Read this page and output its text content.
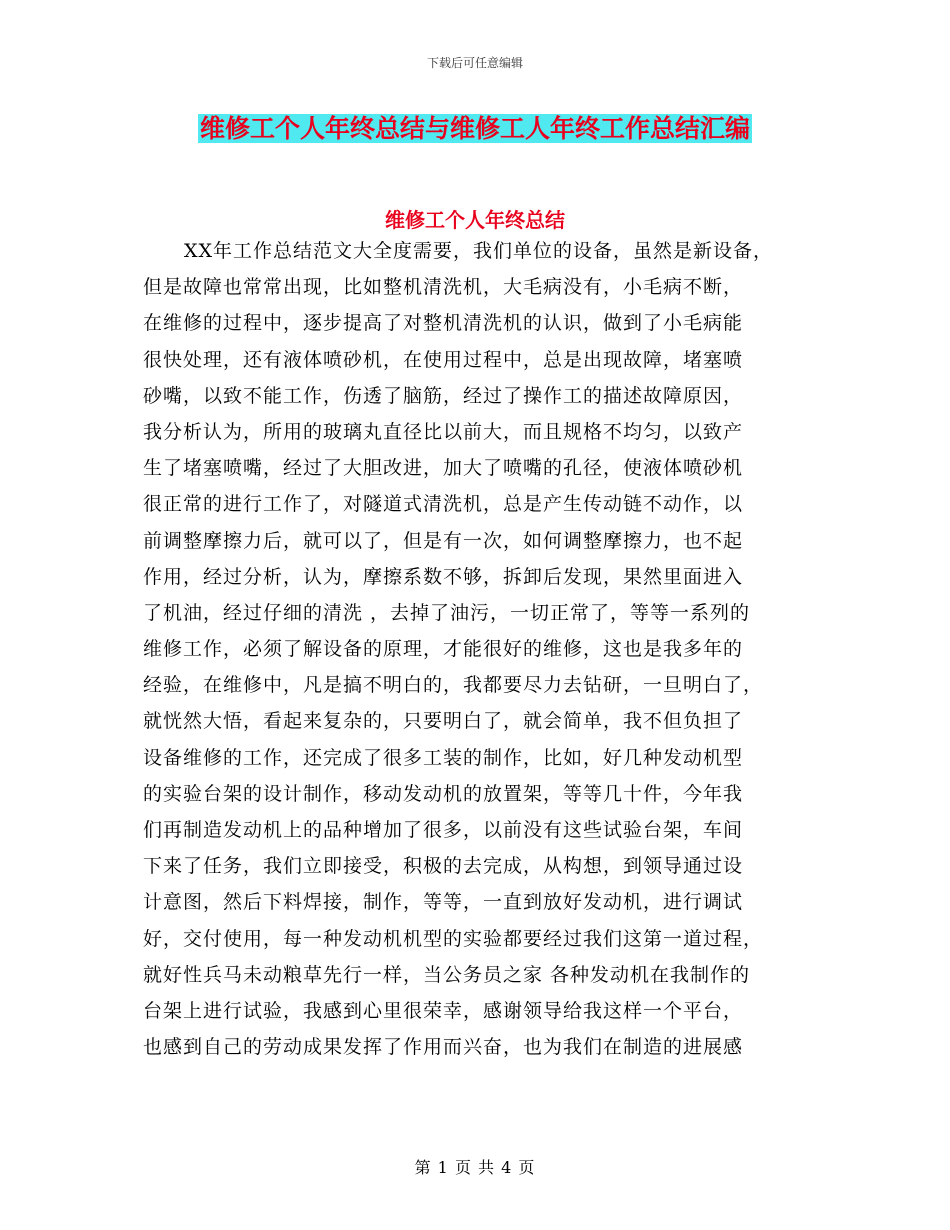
下载后可任意编辑
维修工个人年终总结与维修工人年终工作总结汇编
维修工个人年终总结
XX年工作总结范文大全度需要，我们单位的设备，虽然是新设备，
但是故障也常常出现，比如整机清洗机，大毛病没有，小毛病不断，
在维修的过程中，逐步提高了对整机清洗机的认识，做到了小毛病能
很快处理，还有液体喷砂机，在使用过程中，总是出现故障，堵塞喷
砂嘴，以致不能工作，伤透了脑筋，经过了操作工的描述故障原因，
我分析认为，所用的玻璃丸直径比以前大，而且规格不均匀，以致产
生了堵塞喷嘴，经过了大胆改进，加大了喷嘴的孔径，使液体喷砂机
很正常的进行工作了，对隧道式清洗机，总是产生传动链不动作，以
前调整摩擦力后，就可以了，但是有一次，如何调整摩擦力，也不起
作用，经过分析，认为，摩擦系数不够，拆卸后发现，果然里面进入
了机油，经过仔细的清洗 ，去掉了油污，一切正常了，等等一系列的
维修工作，必须了解设备的原理，才能很好的维修，这也是我多年的
经验，在维修中，凡是搞不明白的，我都要尽力去钻研，一旦明白了，
就恍然大悟，看起来复杂的，只要明白了，就会简单，我不但负担了
设备维修的工作，还完成了很多工装的制作，比如，好几种发动机型
的实验台架的设计制作，移动发动机的放置架，等等几十件，今年我
们再制造发动机上的品种增加了很多，以前没有这些试验台架，车间
下来了任务，我们立即接受，积极的去完成，从构想，到领导通过设
计意图，然后下料焊接，制作，等等，一直到放好发动机，进行调试
好，交付使用，每一种发动机机型的实验都要经过我们这第一道过程，
就好性兵马未动粮草先行一样，当公务员之家 各种发动机在我制作的
台架上进行试验，我感到心里很荣幸，感谢领导给我这样一个平台，
也感到自己的劳动成果发挥了作用而兴奋，也为我们在制造的进展感
第 1 页 共 4 页
